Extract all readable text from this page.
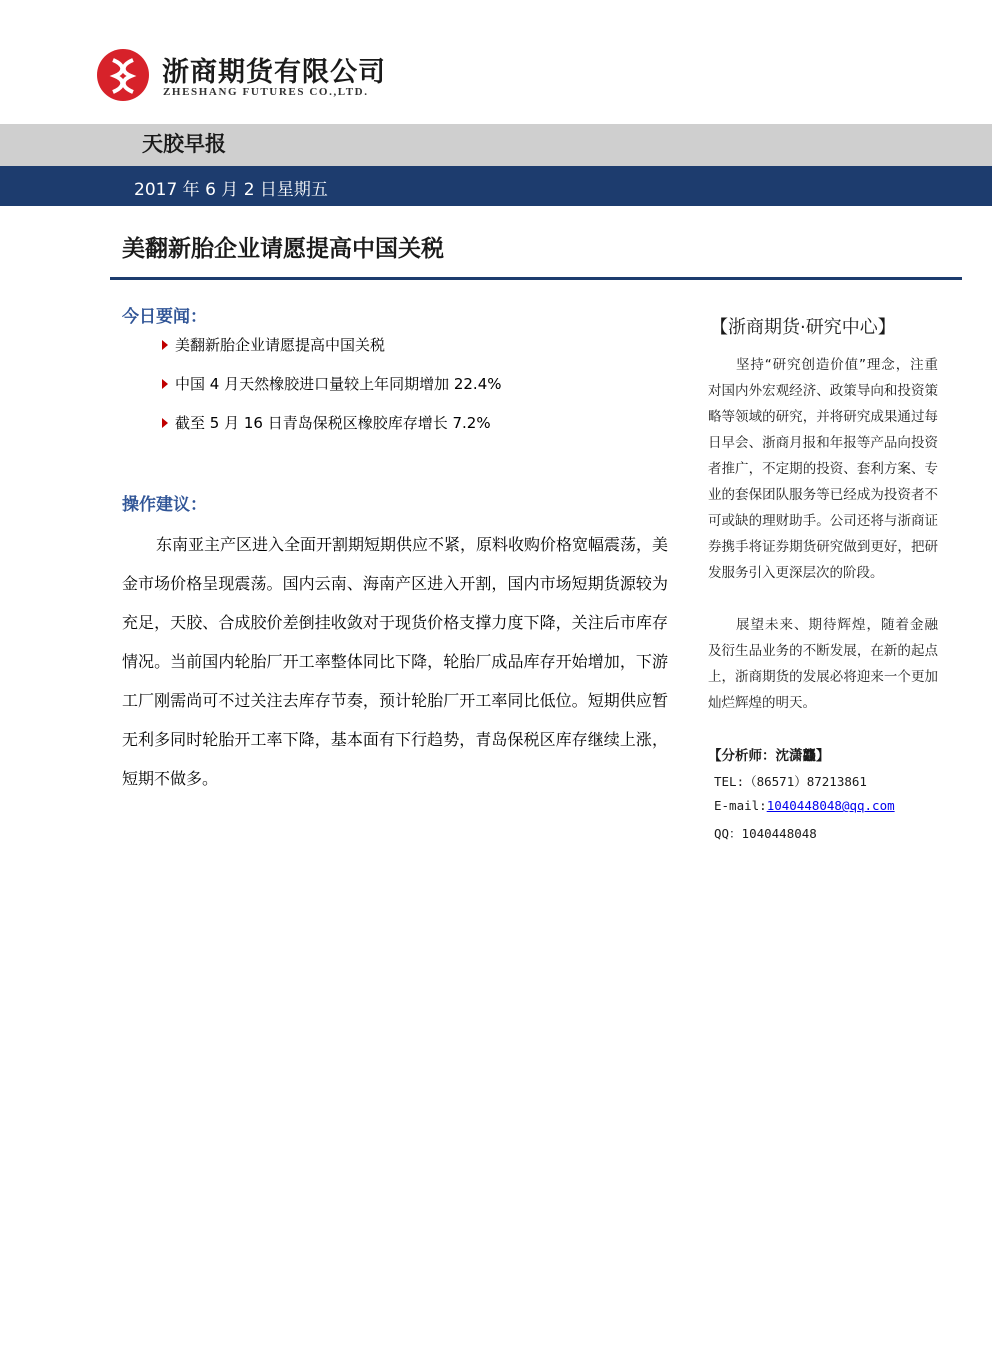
浙商期货有限公司
ZHESHANG FUTURES CO.,LTD.
天胶早报
2017 年 6 月 2 日星期五
美翻新胎企业请愿提高中国关税
今日要闻：
美翻新胎企业请愿提高中国关税
中国 4 月天然橡胶进口量较上年同期增加 22.4%
截至 5 月 16 日青岛保税区橡胶库存增长 7.2%
操作建议：
东南亚主产区进入全面开割期短期供应不紧，原料收购价格宽幅震荡，美金市场价格呈现震荡。国内云南、海南产区进入开割，国内市场短期货源较为充足，天胶、合成胶价差倒挂收敛对于现货价格支撑力度下降，关注后市库存情况。当前国内轮胎厂开工率整体同比下降，轮胎厂成品库存开始增加，下游工厂刚需尚可不过关注去库存节奏，预计轮胎厂开工率同比低位。短期供应暂无利多同时轮胎开工率下降，基本面有下行趋势，青岛保税区库存继续上涨，短期不做多。
【浙商期货·研究中心】
坚持“研究创造价值”理念，注重对国内外宏观经济、政策导向和投资策略等领域的研究，并将研究成果通过每日早会、浙商月报和年报等产品向投资者推广，不定期的投资、套利方案、专业的套保团队服务等已经成为投资者不可或缺的理财助手。公司还将与浙商证券携手将证券期货研究做到更好，把研发服务引入更深层次的阶段。
展望未来、期待辉煌，随着金融及衍生品业务的不断发展，在新的起点上，浙商期货的发展必将迎来一个更加灿烂辉煌的明天。
【分析师：沈潇龘】
TEL:（86571）87213861
E-mail:1040448048@qq.com
QQ：1040448048
